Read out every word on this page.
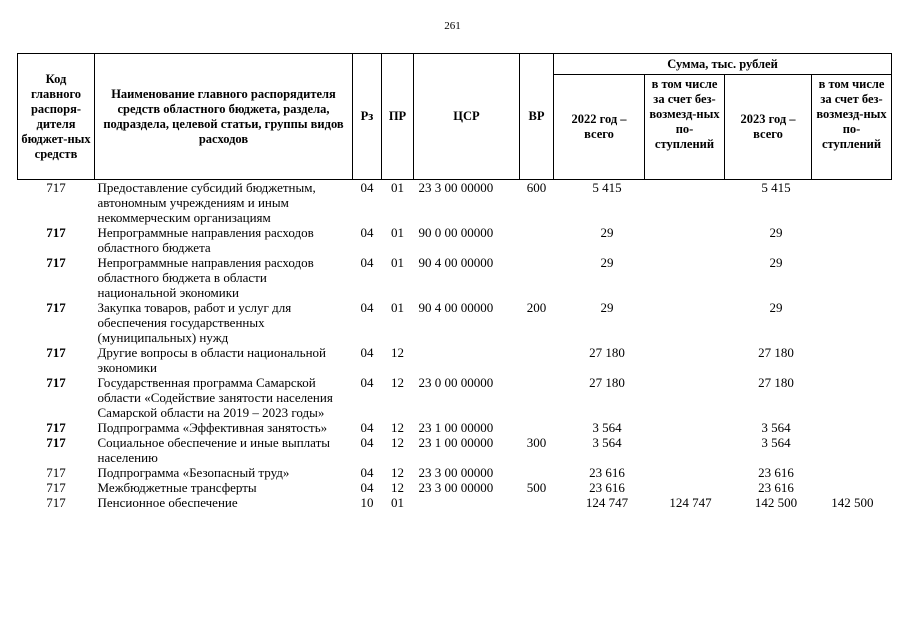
261
Код главного распоря-дителя бюджет-ных средств	Наименование главного распорядителя средств областного бюджета, раздела, подраздела, целевой статьи, группы видов расходов	Рз	ПР	ЦСР	ВР	Сумма, тыс. рублей			
						2022 год – всего	в том числе за счет без-возмезд-ных по-ступлений	2023 год – всего	в том числе за счет без-возмезд-ных по-ступлений
717	Предоставление субсидий бюджетным, автономным учреждениям и иным некоммерческим организациям	04	01	23 3 00 00000	600	5 415		5 415	
717	Непрограммные направления расходов областного бюджета	04	01	90 0 00 00000		29		29	
717	Непрограммные направления расходов областного бюджета в области национальной экономики	04	01	90 4 00 00000		29		29	
717	Закупка товаров, работ и услуг для обеспечения государственных (муниципальных) нужд	04	01	90 4 00 00000	200	29		29	
717	Другие вопросы в области национальной экономики	04	12			27 180		27 180	
717	Государственная программа Самарской области «Содействие занятости населения Самарской области на 2019 – 2023 годы»	04	12	23 0 00 00000		27 180		27 180	
717	Подпрограмма «Эффективная занятость»	04	12	23 1 00 00000		3 564		3 564	
717	Социальное обеспечение и иные выплаты населению	04	12	23 1 00 00000	300	3 564		3 564	
717	Подпрограмма «Безопасный труд»	04	12	23 3 00 00000		23 616		23 616	
717	Межбюджетные трансферты	04	12	23 3 00 00000	500	23 616		23 616	
717	Пенсионное обеспечение	10	01			124 747	124 747	142 500	142 500
